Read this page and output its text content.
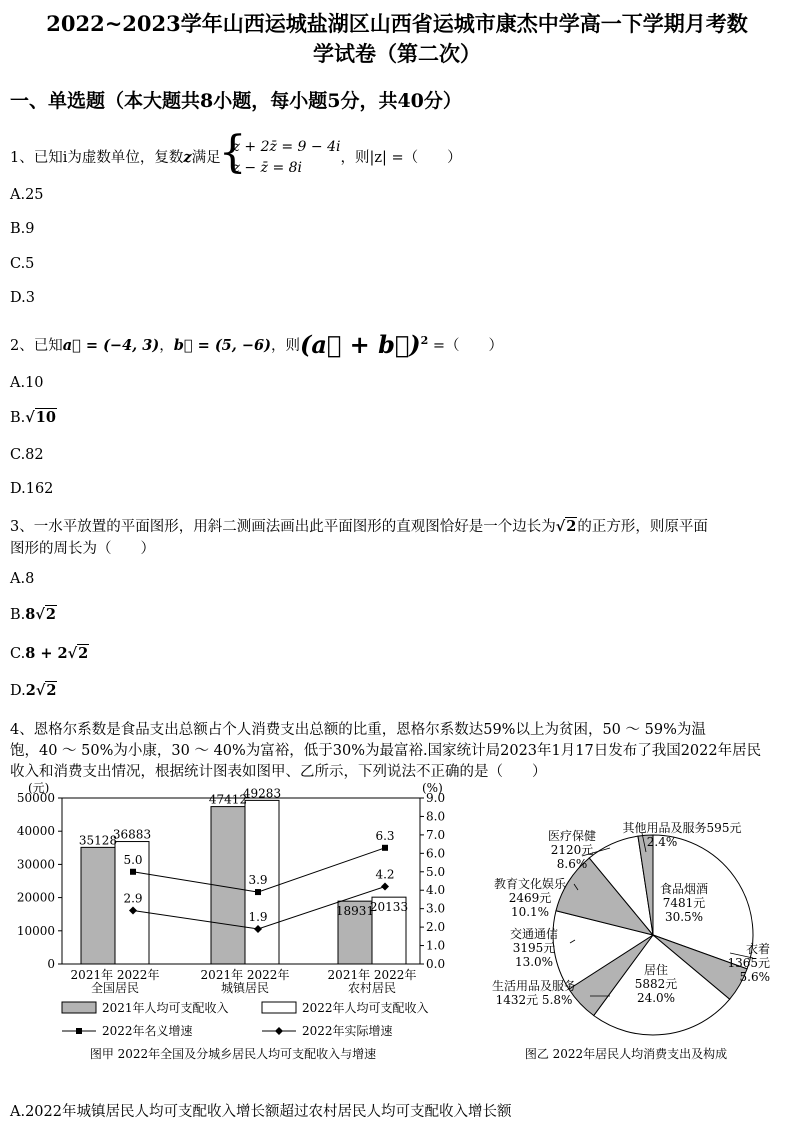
2022~2023学年山西运城盐湖区山西省运城市康杰中学高一下学期月考数
学试卷（第二次）
一、单选题（本大题共8小题，每小题5分，共40分）
1、已知i为虚数单位，复数z满足
{
z + 2z̄ = 9 − 4i
z − z̄ = 8i
，则|z| =（　　）
A.25
B.9
C.5
D.3
2、已知a⃗ = (−4, 3)，b⃗ = (5, −6)，则(a⃗ + b⃗)$^2$ =（　　）
A.10
B.√10
C.82
D.162
3、一水平放置的平面图形，用斜二测画法画出此平面图形的直观图恰好是一个边长为√2的正方形，则原平面
图形的周长为（　　）
A.8
B.8√2
C.8 + 2√2
D.2√2
4、恩格尔系数是食品支出总额占个人消费支出总额的比重，恩格尔系数达59%以上为贫困，50 ～ 59%为温
饱，40 ～ 50%为小康，30 ～ 40%为富裕，低于30%为最富裕.国家统计局2023年1月17日发布了我国2022年居民
收入和消费支出情况，根据统计图表如图甲、乙所示，下列说法不正确的是（　　）
(元)	(%)
0
10000
20000
30000
40000
50000
0.0
1.0
2.0
3.0
4.0
5.0
6.0
7.0
8.0
9.0
35128
36883
2021年 2022年
全国居民
47412
49283
2021年 2022年
城镇居民
18931
20133
2021年 2022年
农村居民
5.0
2.9
3.9
1.9
6.3
4.2
2021年人均可支配收入	2022年人均可支配收入
2022年名义增速	2022年实际增速
图甲 2022年全国及分城乡居民人均可支配收入与增速
食品烟酒
7481元
30.5%
衣着
1365元
5.6%
居住
5882元
24.0%
生活用品及服务
1432元 5.8%
交通通信
3195元
13.0%
教育文化娱乐
2469元
10.1%
医疗保健
2120元
8.6%
其他用品及服务595元
2.4%
图乙 2022年居民人均消费支出及构成
A.2022年城镇居民人均可支配收入增长额超过农村居民人均可支配收入增长额
